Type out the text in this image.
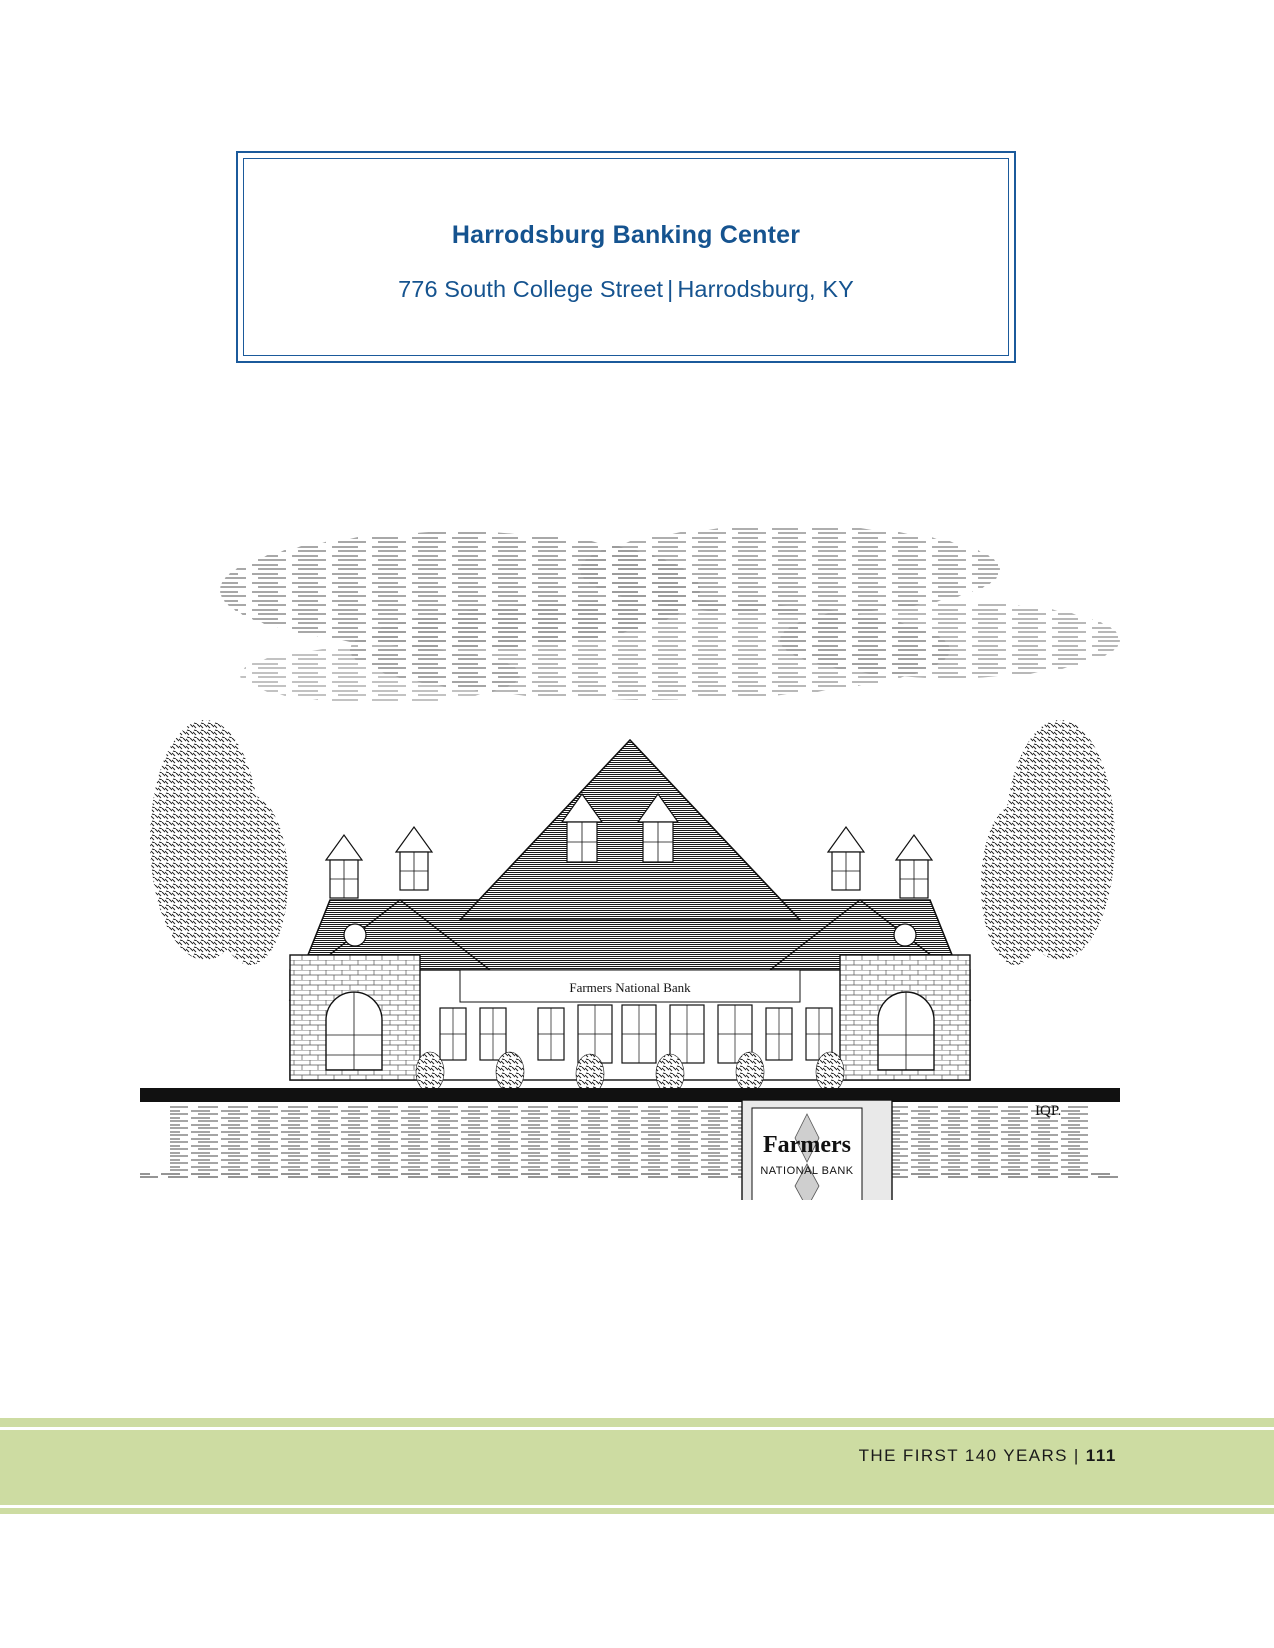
Harrodsburg Banking Center
776 South College Street | Harrodsburg, KY
Farmers National Bank
Farmers
NATIONAL BANK
IQP.
THE FIRST 140 YEARS | 111
